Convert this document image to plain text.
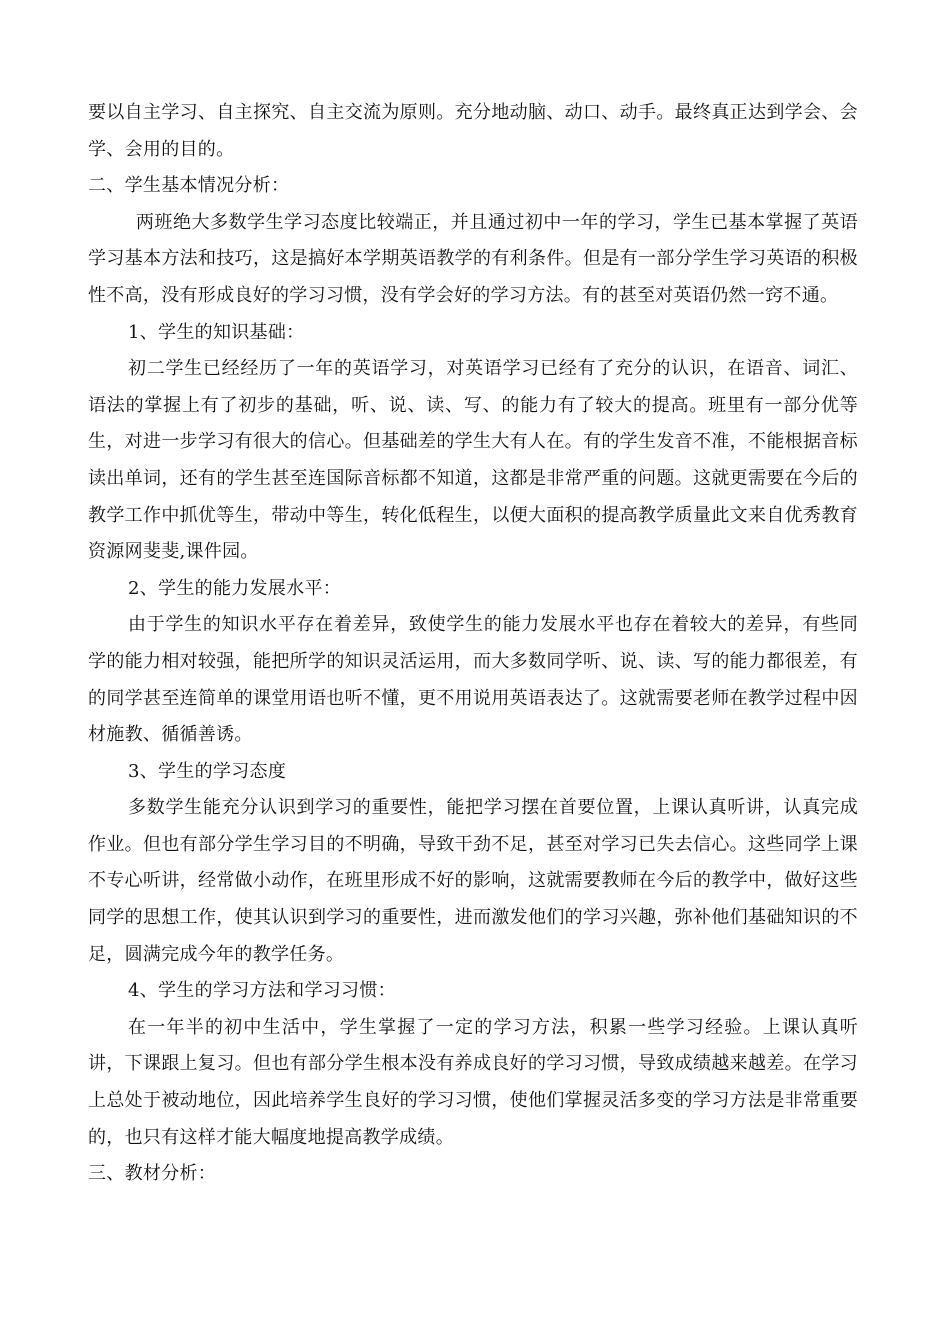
要以自主学习、自主探究、自主交流为原则。充分地动脑、动口、动手。最终真正达到学会、会学、会用的目的。

二、学生基本情况分析：

两班绝大多数学生学习态度比较端正，并且通过初中一年的学习，学生已基本掌握了英语学习基本方法和技巧，这是搞好本学期英语教学的有利条件。但是有一部分学生学习英语的积极性不高，没有形成良好的学习习惯，没有学会好的学习方法。有的甚至对英语仍然一窍不通。

1、学生的知识基础：

初二学生已经经历了一年的英语学习，对英语学习已经有了充分的认识，在语音、词汇、语法的掌握上有了初步的基础，听、说、读、写、的能力有了较大的提高。班里有一部分优等生，对进一步学习有很大的信心。但基础差的学生大有人在。有的学生发音不准，不能根据音标读出单词，还有的学生甚至连国际音标都不知道，这都是非常严重的问题。这就更需要在今后的教学工作中抓优等生，带动中等生，转化低程生，以便大面积的提高教学质量此文来自优秀教育资源网斐斐,课件园。

2、学生的能力发展水平：

由于学生的知识水平存在着差异，致使学生的能力发展水平也存在着较大的差异，有些同学的能力相对较强，能把所学的知识灵活运用，而大多数同学听、说、读、写的能力都很差，有的同学甚至连简单的课堂用语也听不懂，更不用说用英语表达了。这就需要老师在教学过程中因材施教、循循善诱。

3、学生的学习态度

多数学生能充分认识到学习的重要性，能把学习摆在首要位置，上课认真听讲，认真完成作业。但也有部分学生学习目的不明确，导致干劲不足，甚至对学习已失去信心。这些同学上课不专心听讲，经常做小动作，在班里形成不好的影响，这就需要教师在今后的教学中，做好这些同学的思想工作，使其认识到学习的重要性，进而激发他们的学习兴趣，弥补他们基础知识的不足，圆满完成今年的教学任务。

4、学生的学习方法和学习习惯：

在一年半的初中生活中，学生掌握了一定的学习方法，积累一些学习经验。上课认真听讲，下课跟上复习。但也有部分学生根本没有养成良好的学习习惯，导致成绩越来越差。在学习上总处于被动地位，因此培养学生良好的学习习惯，使他们掌握灵活多变的学习方法是非常重要的，也只有这样才能大幅度地提高教学成绩。

三、教材分析：
